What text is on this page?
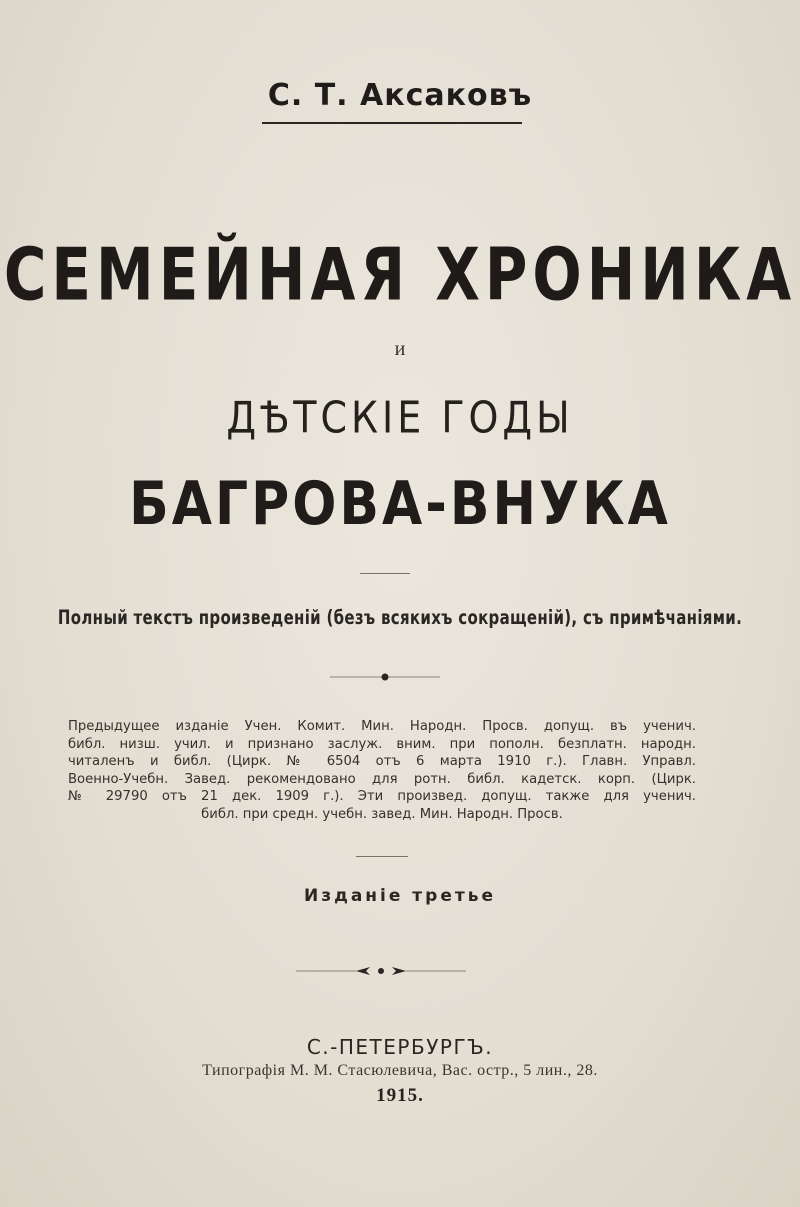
С. Т. Аксаковъ
СЕМЕЙНАЯ ХРОНИКА
и
ДѢТСКІЕ ГОДЫ
БАГРОВА-ВНУКА
Полный текстъ произведеній (безъ всякихъ сокращеній), съ примѣчаніями.
Предыдущее изданіе Учен. Комит. Мин. Народн. Просв. допущ. въ ученич.
библ. низш. учил. и признано заслуж. вним. при пополн. безплатн. народн.
читаленъ и библ. (Цирк. № 6504 отъ 6 марта 1910 г.). Главн. Управл.
Военно-Учебн. Завед. рекомендовано для ротн. библ. кадетск. корп. (Цирк.
№ 29790 отъ 21 дек. 1909 г.). Эти произвед. допущ. также для ученич.
библ. при средн. учебн. завед. Мин. Народн. Просв.
Изданіе третье
С.-ПЕТЕРБУРГЪ.
Типографія М. М. Стасюлевича, Вас. остр., 5 лин., 28.
1915.
